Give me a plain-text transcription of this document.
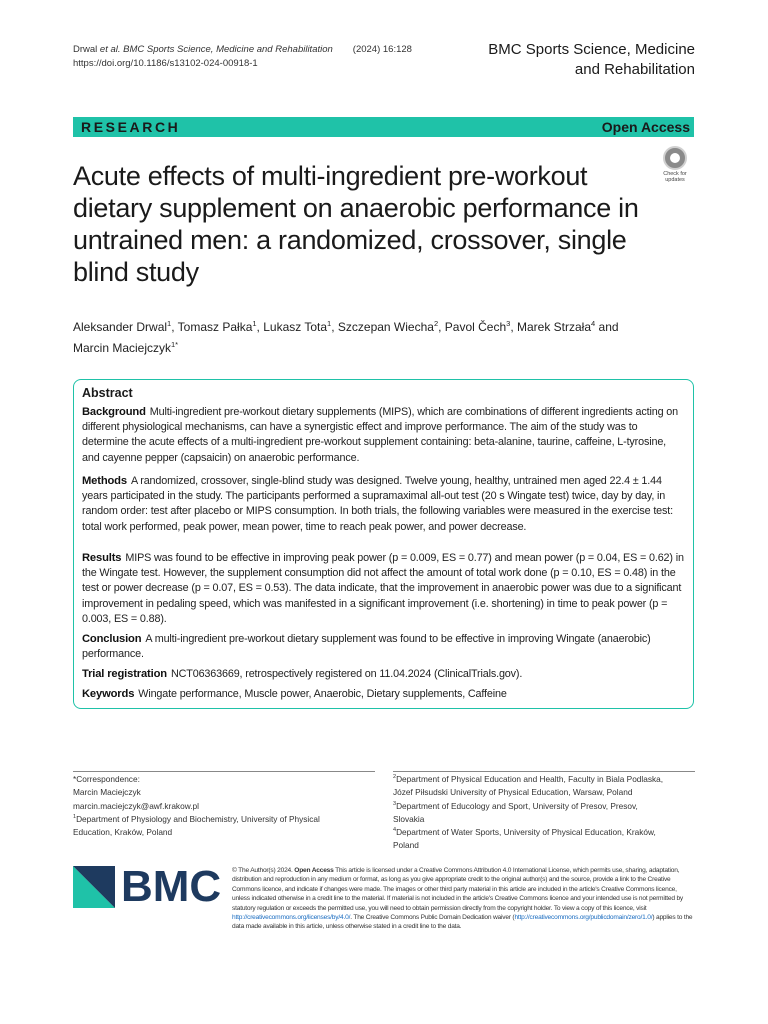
Drwal et al. BMC Sports Science, Medicine and Rehabilitation (2024) 16:128
https://doi.org/10.1186/s13102-024-00918-1
BMC Sports Science, Medicine
and Rehabilitation
RESEARCH	Open Access
Check for
updates
Acute effects of multi-ingredient pre-workout dietary supplement on anaerobic performance in untrained men: a randomized, crossover, single blind study
Aleksander Drwal$^1$, Tomasz Pałka$^1$, Lukasz Tota$^1$, Szczepan Wiecha$^2$, Pavol Čech$^3$, Marek Strzała$^4$ and
Marcin Maciejczyk$^{1*}$
Abstract

Background Multi-ingredient pre-workout dietary supplements (MIPS), which are combinations of different ingredients acting on different physiological mechanisms, can have a synergistic effect and improve performance. The aim of the study was to determine the acute effects of a multi-ingredient pre-workout supplement containing: beta-alanine, taurine, caffeine, L-tyrosine, and cayenne pepper (capsaicin) on anaerobic performance.

Methods A randomized, crossover, single-blind study was designed. Twelve young, healthy, untrained men aged 22.4 ± 1.44 years participated in the study. The participants performed a supramaximal all-out test (20 s Wingate test) twice, day by day, in random order: test after placebo or MIPS consumption. In both trials, the following variables were measured in the exercise test: total work performed, peak power, mean power, time to reach peak power, and power decrease.

Results MIPS was found to be effective in improving peak power (p = 0.009, ES = 0.77) and mean power (p = 0.04, ES = 0.62) in the Wingate test. However, the supplement consumption did not affect the amount of total work done (p = 0.10, ES = 0.48) in the test or power decrease (p = 0.07, ES = 0.53). The data indicate, that the improvement in anaerobic power was due to a significant improvement in pedaling speed, which was manifested in a significant improvement (i.e. shortening) in time to peak power (p = 0.003, ES = 0.88).

Conclusion A multi-ingredient pre-workout dietary supplement was found to be effective in improving Wingate (anaerobic) performance.

Trial registration NCT06363669, retrospectively registered on 11.04.2024 (ClinicalTrials.gov).

Keywords Wingate performance, Muscle power, Anaerobic, Dietary supplements, Caffeine

*Correspondence:
Marcin Maciejczyk
marcin.maciejczyk@awf.krakow.pl
$^1$Department of Physiology and Biochemistry, University of Physical
Education, Kraków, Poland
$^2$Department of Physical Education and Health, Faculty in Biala Podlaska,
Józef Piłsudski University of Physical Education, Warsaw, Poland
$^3$Department of Educology and Sport, University of Presov, Presov,
Slovakia
$^4$Department of Water Sports, University of Physical Education, Kraków,
Poland
BMC © The Author(s) 2024. Open Access This article is licensed under a Creative Commons Attribution 4.0 International License, which permits use, sharing, adaptation, distribution and reproduction in any medium or format, as long as you give appropriate credit to the original author(s) and the source, provide a link to the Creative Commons licence, and indicate if changes were made. The images or other third party material in this article are included in the article's Creative Commons licence, unless indicated otherwise in a credit line to the material. If material is not included in the article's Creative Commons licence and your intended use is not permitted by statutory regulation or exceeds the permitted use, you will need to obtain permission directly from the copyright holder. To view a copy of this licence, visit http://creativecommons.org/licenses/by/4.0/. The Creative Commons Public Domain Dedication waiver (http://creativecommons.org/publicdomain/zero/1.0/) applies to the data made available in this article, unless otherwise stated in a credit line to the data.
